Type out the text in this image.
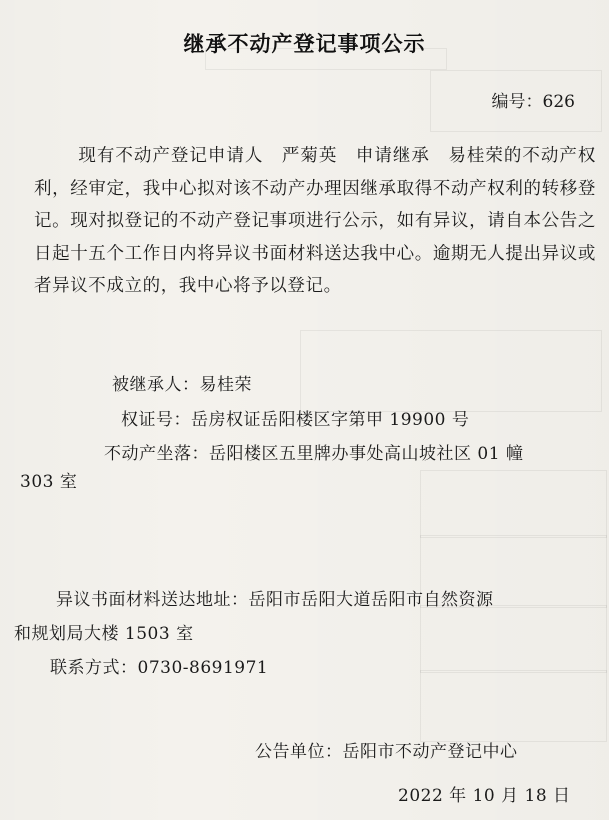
继承不动产登记事项公示
编号：626
现有不动产登记申请人　严菊英　申请继承　易桂荣的不动产权利，经审定，我中心拟对该不动产办理因继承取得不动产权利的转移登记。现对拟登记的不动产登记事项进行公示，如有异议，请自本公告之日起十五个工作日内将异议书面材料送达我中心。逾期无人提出异议或者异议不成立的，我中心将予以登记。
被继承人：易桂荣
权证号：岳房权证岳阳楼区字第甲 19900 号
不动产坐落：岳阳楼区五里牌办事处高山坡社区 01 幢
303 室
异议书面材料送达地址：岳阳市岳阳大道岳阳市自然资源
和规划局大楼 1503 室
联系方式：0730-8691971
公告单位：岳阳市不动产登记中心
2022 年 10 月 18 日
